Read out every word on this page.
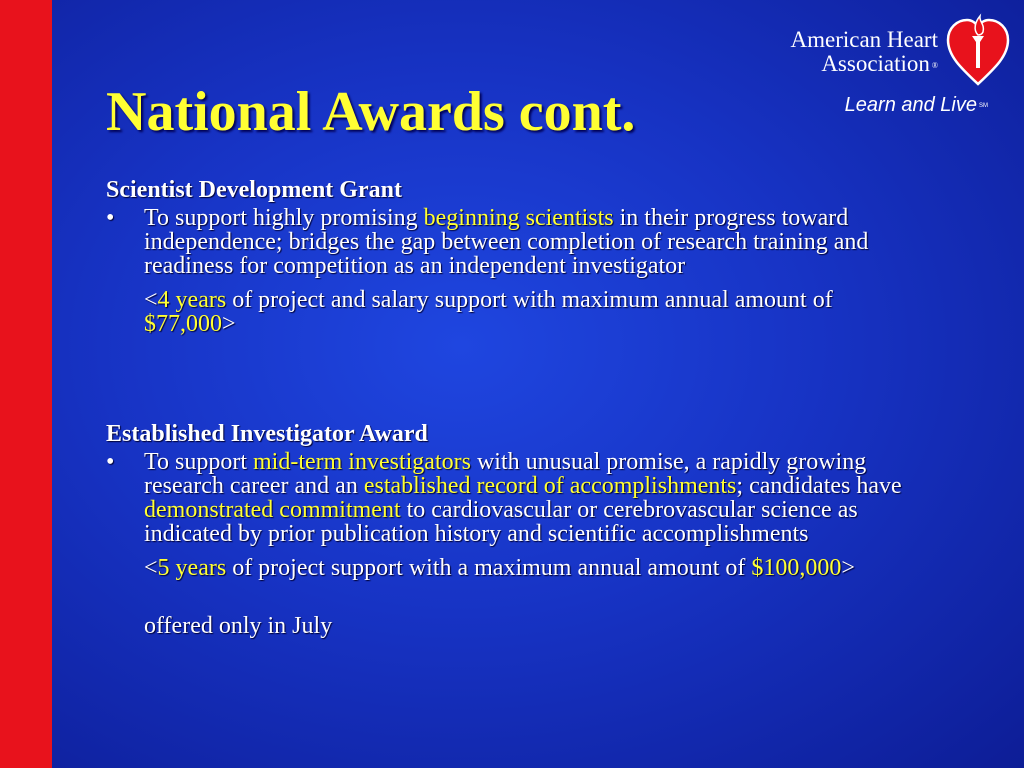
American Heart
Association ®
Learn and Live SM
National Awards cont.

Scientist Development Grant

• To support highly promising beginning scientists in their progress toward independence; bridges the gap between completion of research training and readiness for competition as an independent investigator

<4 years of project and salary support with maximum annual amount of $77,000>

Established Investigator Award

• To support mid-term investigators with unusual promise, a rapidly growing research career and an established record of accomplishments; candidates have demonstrated commitment to cardiovascular or cerebrovascular science as indicated by prior publication history and scientific accomplishments

<5 years of project support with a maximum annual amount of $100,000>

offered only in July
